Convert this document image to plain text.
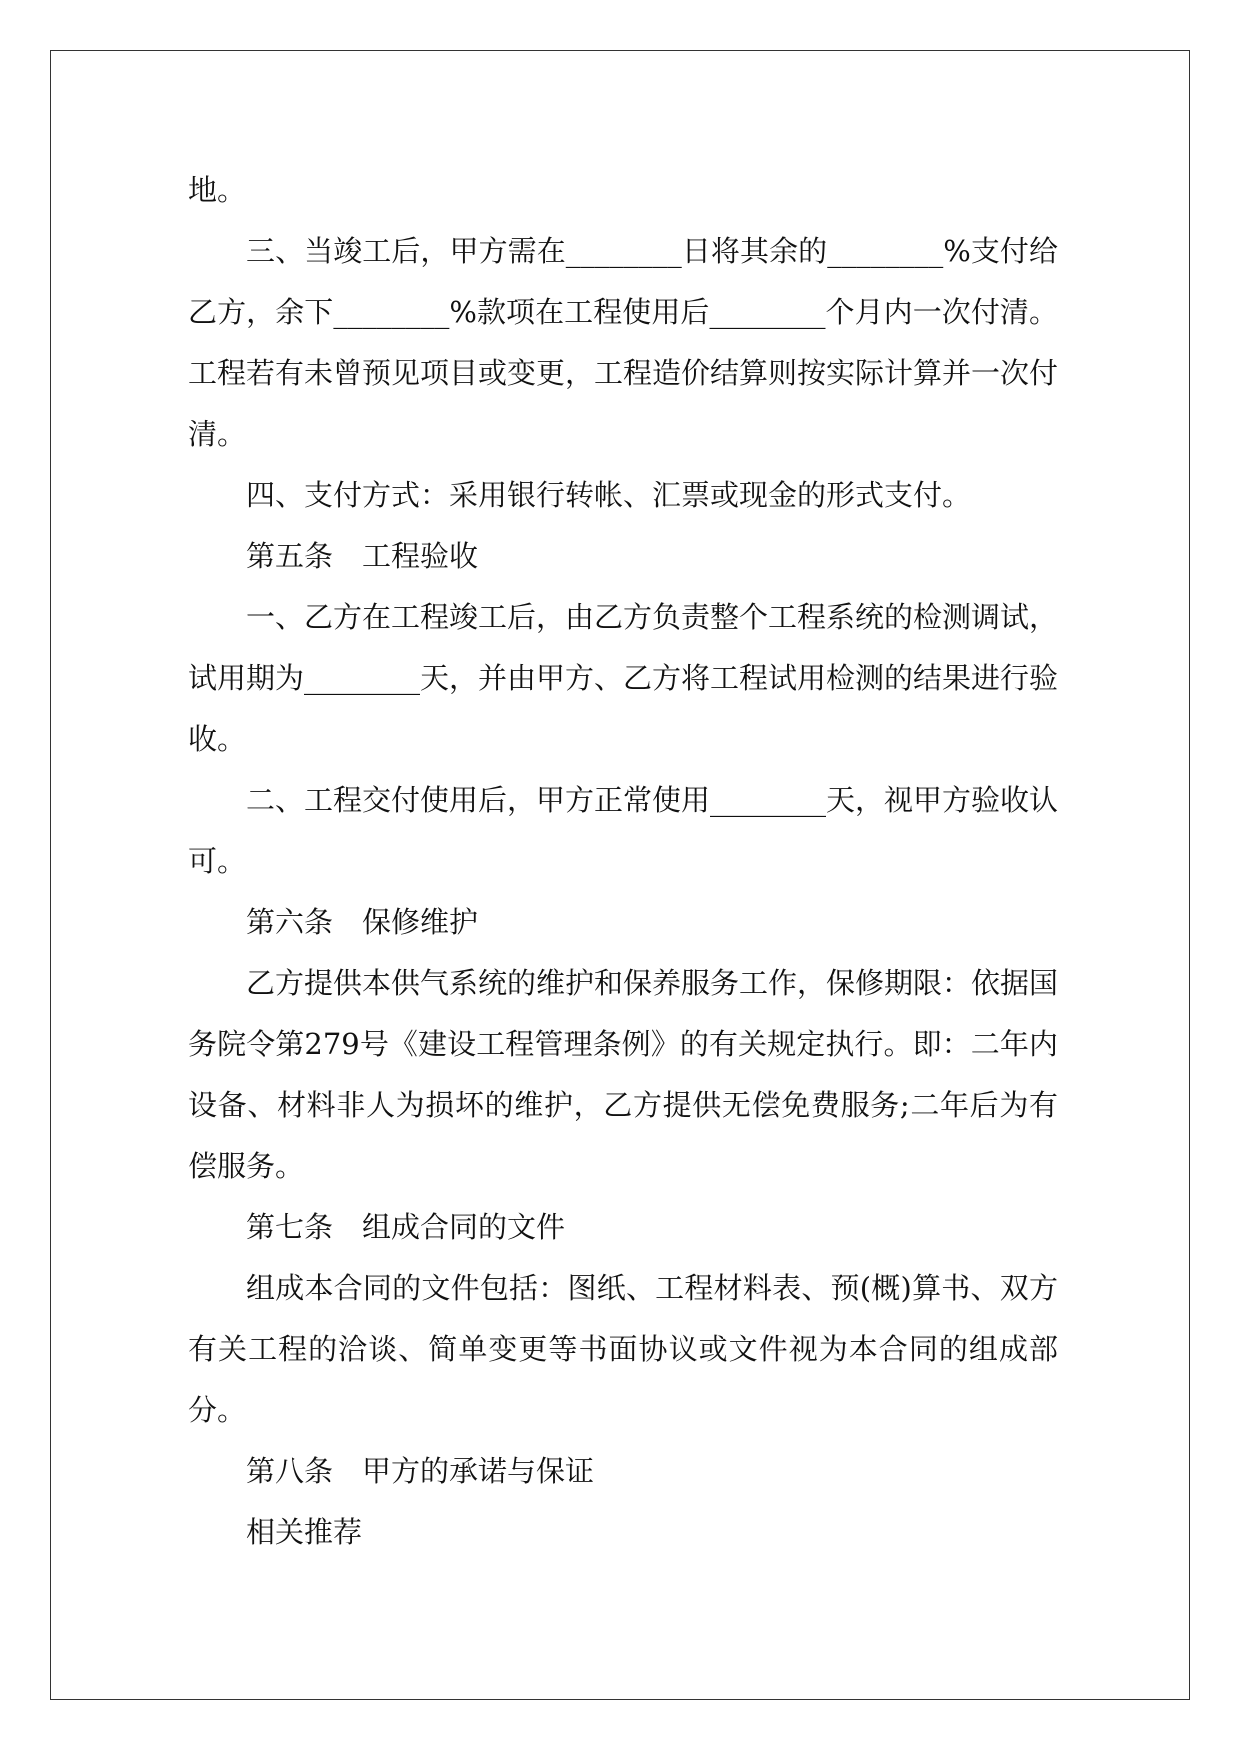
地。

三、当竣工后，甲方需在________日将其余的________%支付给乙方，余下________%款项在工程使用后________个月内一次付清。工程若有未曾预见项目或变更，工程造价结算则按实际计算并一次付清。

四、支付方式：采用银行转帐、汇票或现金的形式支付。

第五条　工程验收

一、乙方在工程竣工后，由乙方负责整个工程系统的检测调试，试用期为________天，并由甲方、乙方将工程试用检测的结果进行验收。

二、工程交付使用后，甲方正常使用________天，视甲方验收认可。

第六条　保修维护

乙方提供本供气系统的维护和保养服务工作，保修期限：依据国务院令第279号《建设工程管理条例》的有关规定执行。即：二年内设备、材料非人为损坏的维护，乙方提供无偿免费服务;二年后为有偿服务。

第七条　组成合同的文件

组成本合同的文件包括：图纸、工程材料表、预(概)算书、双方有关工程的洽谈、简单变更等书面协议或文件视为本合同的组成部分。

第八条　甲方的承诺与保证

相关推荐
